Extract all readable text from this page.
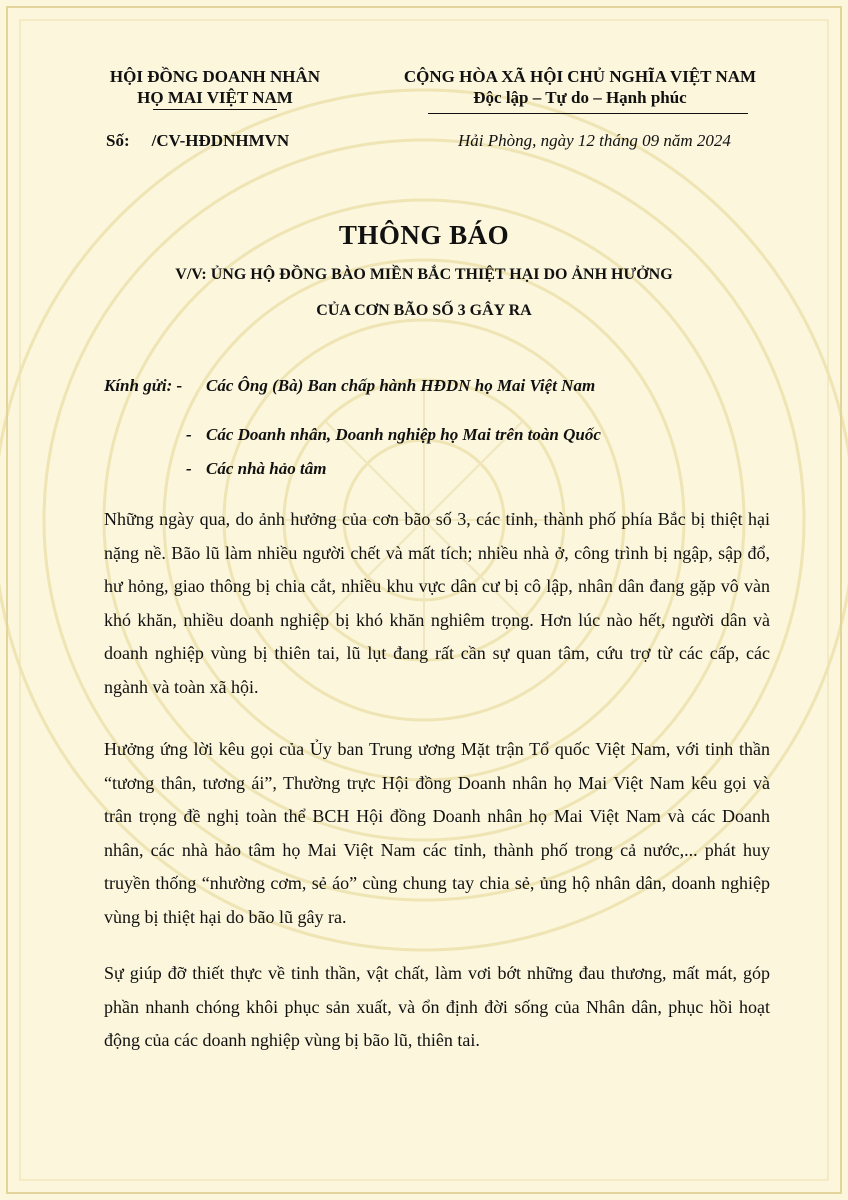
HỘI ĐỒNG DOANH NHÂN
HỌ MAI VIỆT NAM
CỘNG HÒA XÃ HỘI CHỦ NGHĨA VIỆT NAM
Độc lập – Tự do – Hạnh phúc
Số: /CV-HĐDNHMVN	Hải Phòng, ngày 12 tháng 09 năm 2024
THÔNG BÁO
V/V: ỦNG HỘ ĐỒNG BÀO MIỀN BẮC THIỆT HẠI DO ẢNH HƯỞNG
CỦA CƠN BÃO SỐ 3 GÂY RA
Kính gửi: - Các Ông (Bà) Ban chấp hành HĐDN họ Mai Việt Nam
- Các Doanh nhân, Doanh nghiệp họ Mai trên toàn Quốc
- Các nhà hảo tâm
Những ngày qua, do ảnh hưởng của cơn bão số 3, các tỉnh, thành phố phía Bắc bị thiệt hại nặng nề. Bão lũ làm nhiều người chết và mất tích; nhiều nhà ở, công trình bị ngập, sập đổ, hư hỏng, giao thông bị chia cắt, nhiều khu vực dân cư bị cô lập, nhân dân đang gặp vô vàn khó khăn, nhiều doanh nghiệp bị khó khăn nghiêm trọng. Hơn lúc nào hết, người dân và doanh nghiệp vùng bị thiên tai, lũ lụt đang rất cần sự quan tâm, cứu trợ từ các cấp, các ngành và toàn xã hội.
Hưởng ứng lời kêu gọi của Ủy ban Trung ương Mặt trận Tổ quốc Việt Nam, với tinh thần “tương thân, tương ái”, Thường trực Hội đồng Doanh nhân họ Mai Việt Nam kêu gọi và trân trọng đề nghị toàn thể BCH Hội đồng Doanh nhân họ Mai Việt Nam và các Doanh nhân, các nhà hảo tâm họ Mai Việt Nam các tỉnh, thành phố trong cả nước,... phát huy truyền thống “nhường cơm, sẻ áo” cùng chung tay chia sẻ, ủng hộ nhân dân, doanh nghiệp vùng bị thiệt hại do bão lũ gây ra.
Sự giúp đỡ thiết thực về tinh thần, vật chất, làm vơi bớt những đau thương, mất mát, góp phần nhanh chóng khôi phục sản xuất, và ổn định đời sống của Nhân dân, phục hồi hoạt động của các doanh nghiệp vùng bị bão lũ, thiên tai.
